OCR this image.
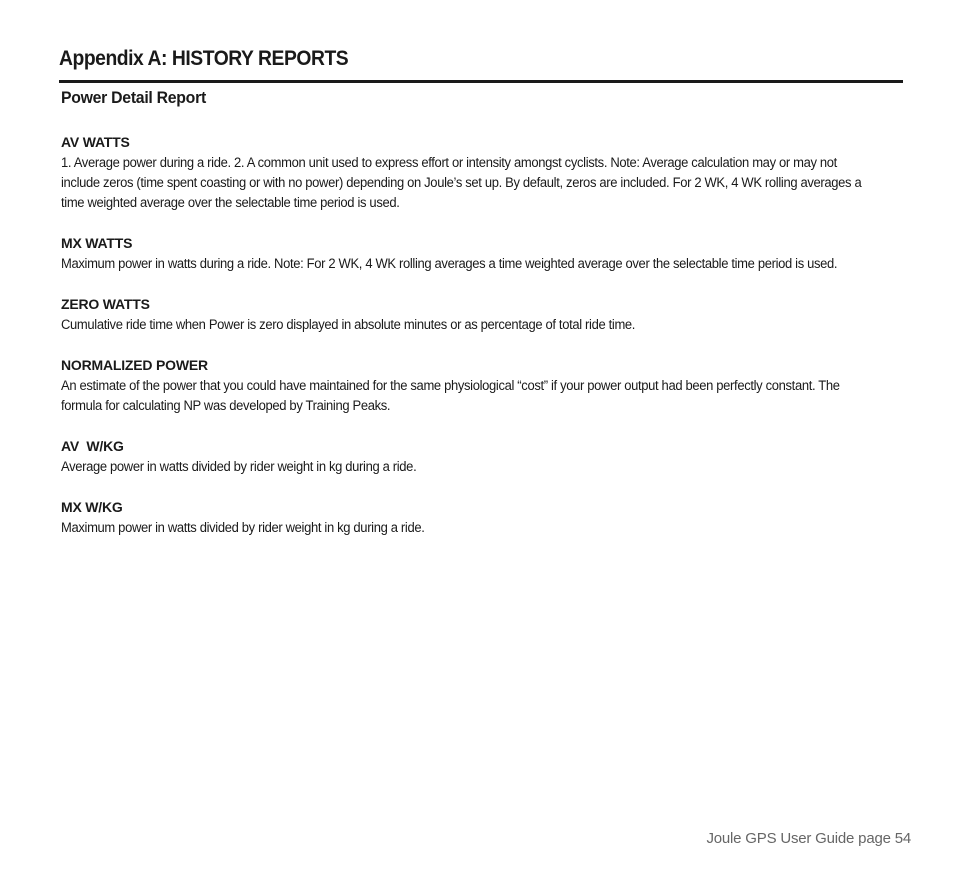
Appendix A: HISTORY REPORTS
Power Detail Report
AV WATTS

1. Average power during a ride. 2. A common unit used to express effort or intensity amongst cyclists. Note: Average calculation may or may not include zeros (time spent coasting or with no power) depending on Joule’s set up. By default, zeros are included. For 2 WK, 4 WK rolling averages a time weighted average over the selectable time period is used.

MX WATTS

Maximum power in watts during a ride. Note: For 2 WK, 4 WK rolling averages a time weighted average over the selectable time period is used.

ZERO WATTS

Cumulative ride time when Power is zero displayed in absolute minutes or as percentage of total ride time.

NORMALIZED POWER

An estimate of the power that you could have maintained for the same physiological “cost” if your power output had been perfectly constant. The formula for calculating NP was developed by Training Peaks.

AV  W/KG

Average power in watts divided by rider weight in kg during a ride.

MX W/KG

Maximum power in watts divided by rider weight in kg during a ride.

Joule GPS User Guide page 54
